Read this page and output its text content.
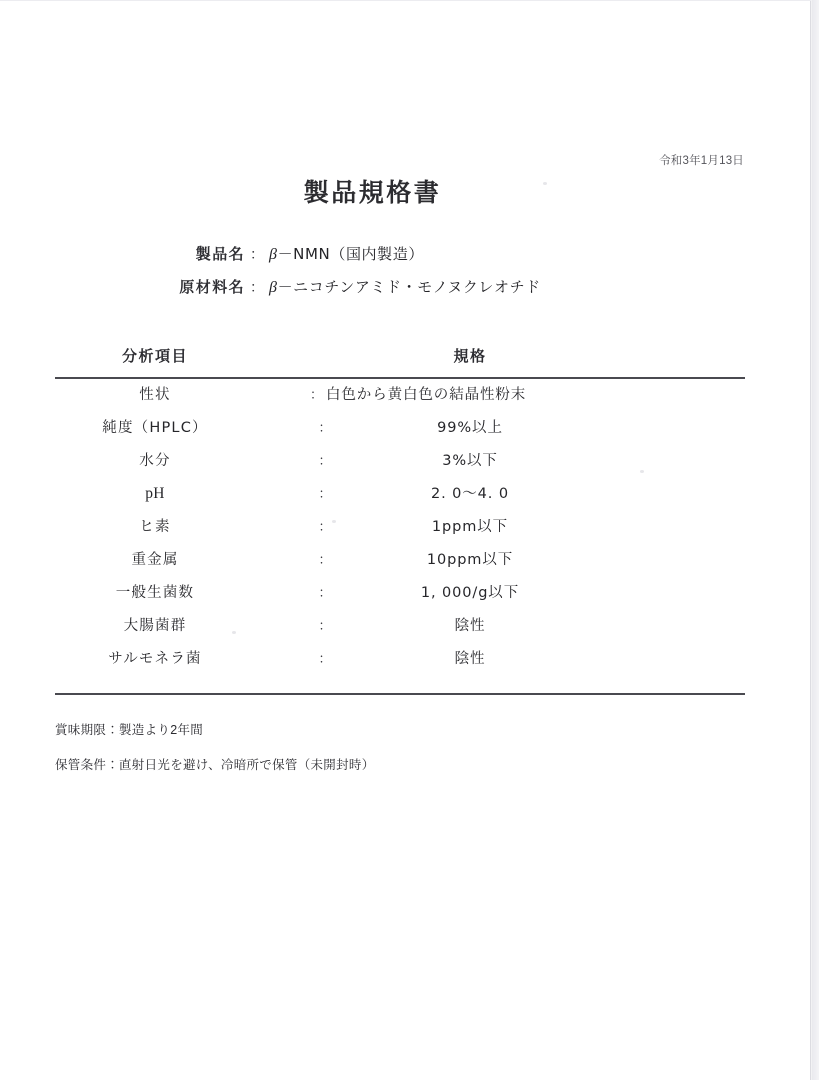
令和3年1月13日
製品規格書
製品名 ： β－NMN（国内製造）
原材料名 ： β－ニコチンアミド・モノヌクレオチド
分析項目	規格
性状	： 白色から黄白色の結晶性粉末
純度（HPLC）	：	99%以上
水分	：	3%以下
pH	：	2. 0〜4. 0
ヒ素	：	1ppm以下
重金属	：	10ppm以下
一般生菌数	：	1, 000/g以下
大腸菌群	：	陰性
サルモネラ菌	：	陰性
賞味期限：製造より2年間
保管条件：直射日光を避け、冷暗所で保管（未開封時）
